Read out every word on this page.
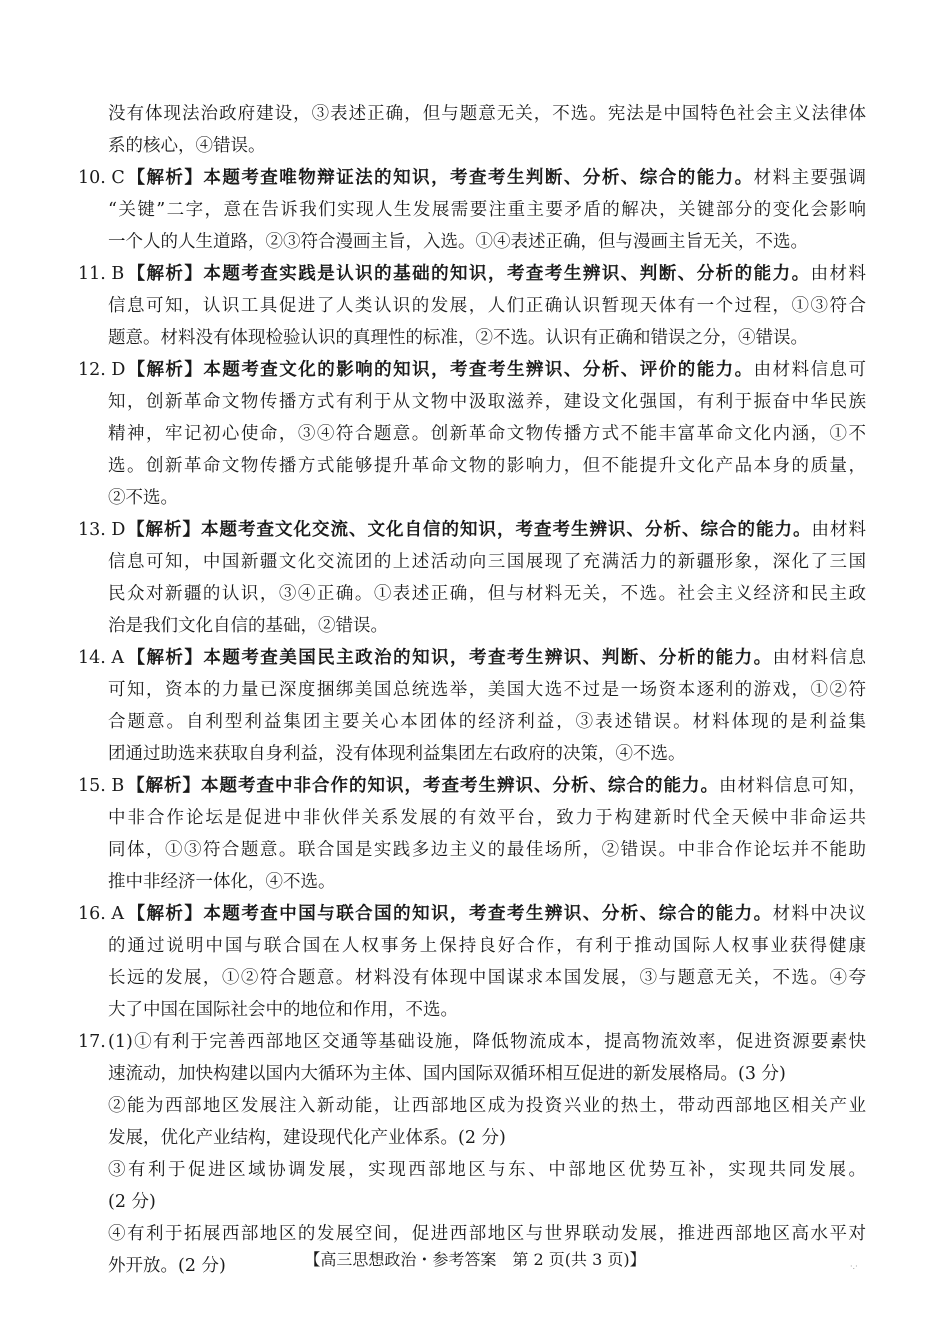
没有体现法治政府建设，③表述正确，但与题意无关，不选。宪法是中国特色社会主义法律体
系的核心，④错误。
10. C【解析】本题考查唯物辩证法的知识，考查考生判断、分析、综合的能力。材料主要强调
“关键”二字，意在告诉我们实现人生发展需要注重主要矛盾的解决，关键部分的变化会影响
一个人的人生道路，②③符合漫画主旨，入选。①④表述正确，但与漫画主旨无关，不选。
11. B【解析】本题考查实践是认识的基础的知识，考查考生辨识、判断、分析的能力。由材料
信息可知，认识工具促进了人类认识的发展，人们正确认识暂现天体有一个过程，①③符合
题意。材料没有体现检验认识的真理性的标准，②不选。认识有正确和错误之分，④错误。
12. D【解析】本题考查文化的影响的知识，考查考生辨识、分析、评价的能力。由材料信息可
知，创新革命文物传播方式有利于从文物中汲取滋养，建设文化强国，有利于振奋中华民族
精神，牢记初心使命，③④符合题意。创新革命文物传播方式不能丰富革命文化内涵，①不
选。创新革命文物传播方式能够提升革命文物的影响力，但不能提升文化产品本身的质量，
②不选。
13. D【解析】本题考查文化交流、文化自信的知识，考查考生辨识、分析、综合的能力。由材料
信息可知，中国新疆文化交流团的上述活动向三国展现了充满活力的新疆形象，深化了三国
民众对新疆的认识，③④正确。①表述正确，但与材料无关，不选。社会主义经济和民主政
治是我们文化自信的基础，②错误。
14. A 【解析】本题考查美国民主政治的知识，考查考生辨识、判断、分析的能力。由材料信息
可知，资本的力量已深度捆绑美国总统选举，美国大选不过是一场资本逐利的游戏，①②符
合题意。自利型利益集团主要关心本团体的经济利益，③表述错误。材料体现的是利益集
团通过助选来获取自身利益，没有体现利益集团左右政府的决策，④不选。
15. B【解析】本题考查中非合作的知识，考查考生辨识、分析、综合的能力。由材料信息可知，
中非合作论坛是促进中非伙伴关系发展的有效平台，致力于构建新时代全天候中非命运共
同体，①③符合题意。联合国是实践多边主义的最佳场所，②错误。中非合作论坛并不能助
推中非经济一体化，④不选。
16. A 【解析】本题考查中国与联合国的知识，考查考生辨识、分析、综合的能力。材料中决议
的通过说明中国与联合国在人权事务上保持良好合作，有利于推动国际人权事业获得健康
长远的发展，①②符合题意。材料没有体现中国谋求本国发展，③与题意无关，不选。④夸
大了中国在国际社会中的地位和作用，不选。
17. (1)①有利于完善西部地区交通等基础设施，降低物流成本，提高物流效率，促进资源要素快
速流动，加快构建以国内大循环为主体、国内国际双循环相互促进的新发展格局。(3 分)
②能为西部地区发展注入新动能，让西部地区成为投资兴业的热土，带动西部地区相关产业
发展，优化产业结构，建设现代化产业体系。(2 分)
③有利于促进区域协调发展，实现西部地区与东、中部地区优势互补，实现共同发展。
(2 分)
④有利于拓展西部地区的发展空间，促进西部地区与世界联动发展，推进西部地区高水平对
外开放。(2 分)	【高三思想政治・参考答案　第 2 页(共 3 页)】	·.·
